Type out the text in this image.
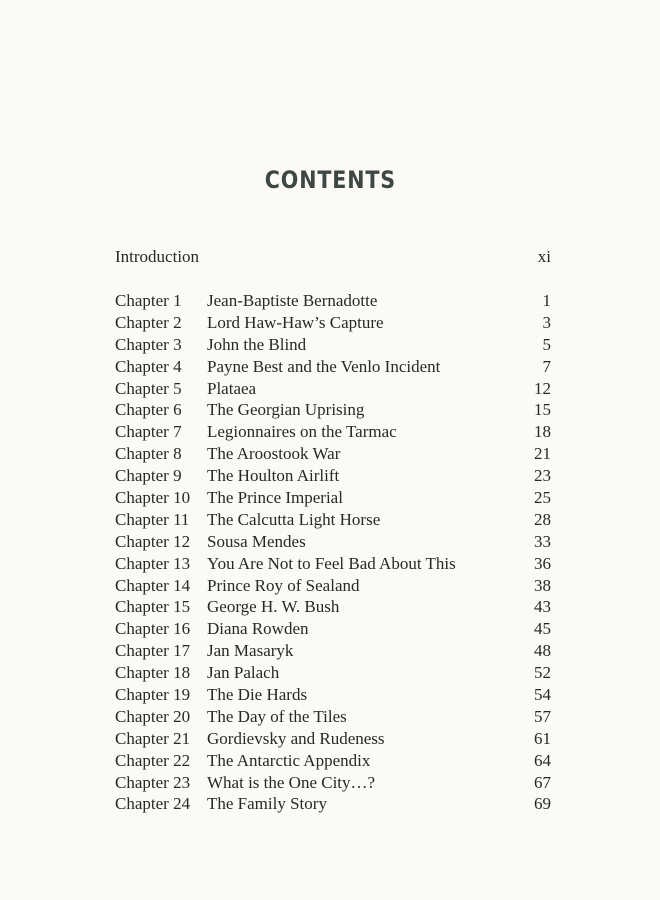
CONTENTS
Introduction	xi
Chapter 1	Jean-Baptiste Bernadotte	1
Chapter 2	Lord Haw-Haw’s Capture	3
Chapter 3	John the Blind	5
Chapter 4	Payne Best and the Venlo Incident	7
Chapter 5	Plataea	12
Chapter 6	The Georgian Uprising	15
Chapter 7	Legionnaires on the Tarmac	18
Chapter 8	The Aroostook War	21
Chapter 9	The Houlton Airlift	23
Chapter 10 The Prince Imperial	25
Chapter 11	The Calcutta Light Horse	28
Chapter 12 Sousa Mendes	33
Chapter 13 You Are Not to Feel Bad About This	36
Chapter 14 Prince Roy of Sealand	38
Chapter 15 George H. W. Bush	43
Chapter 16 Diana Rowden	45
Chapter 17 Jan Masaryk	48
Chapter 18 Jan Palach	52
Chapter 19 The Die Hards	54
Chapter 20 The Day of the Tiles	57
Chapter 21 Gordievsky and Rudeness	61
Chapter 22 The Antarctic Appendix	64
Chapter 23 What is the One City…?	67
Chapter 24 The Family Story	69
